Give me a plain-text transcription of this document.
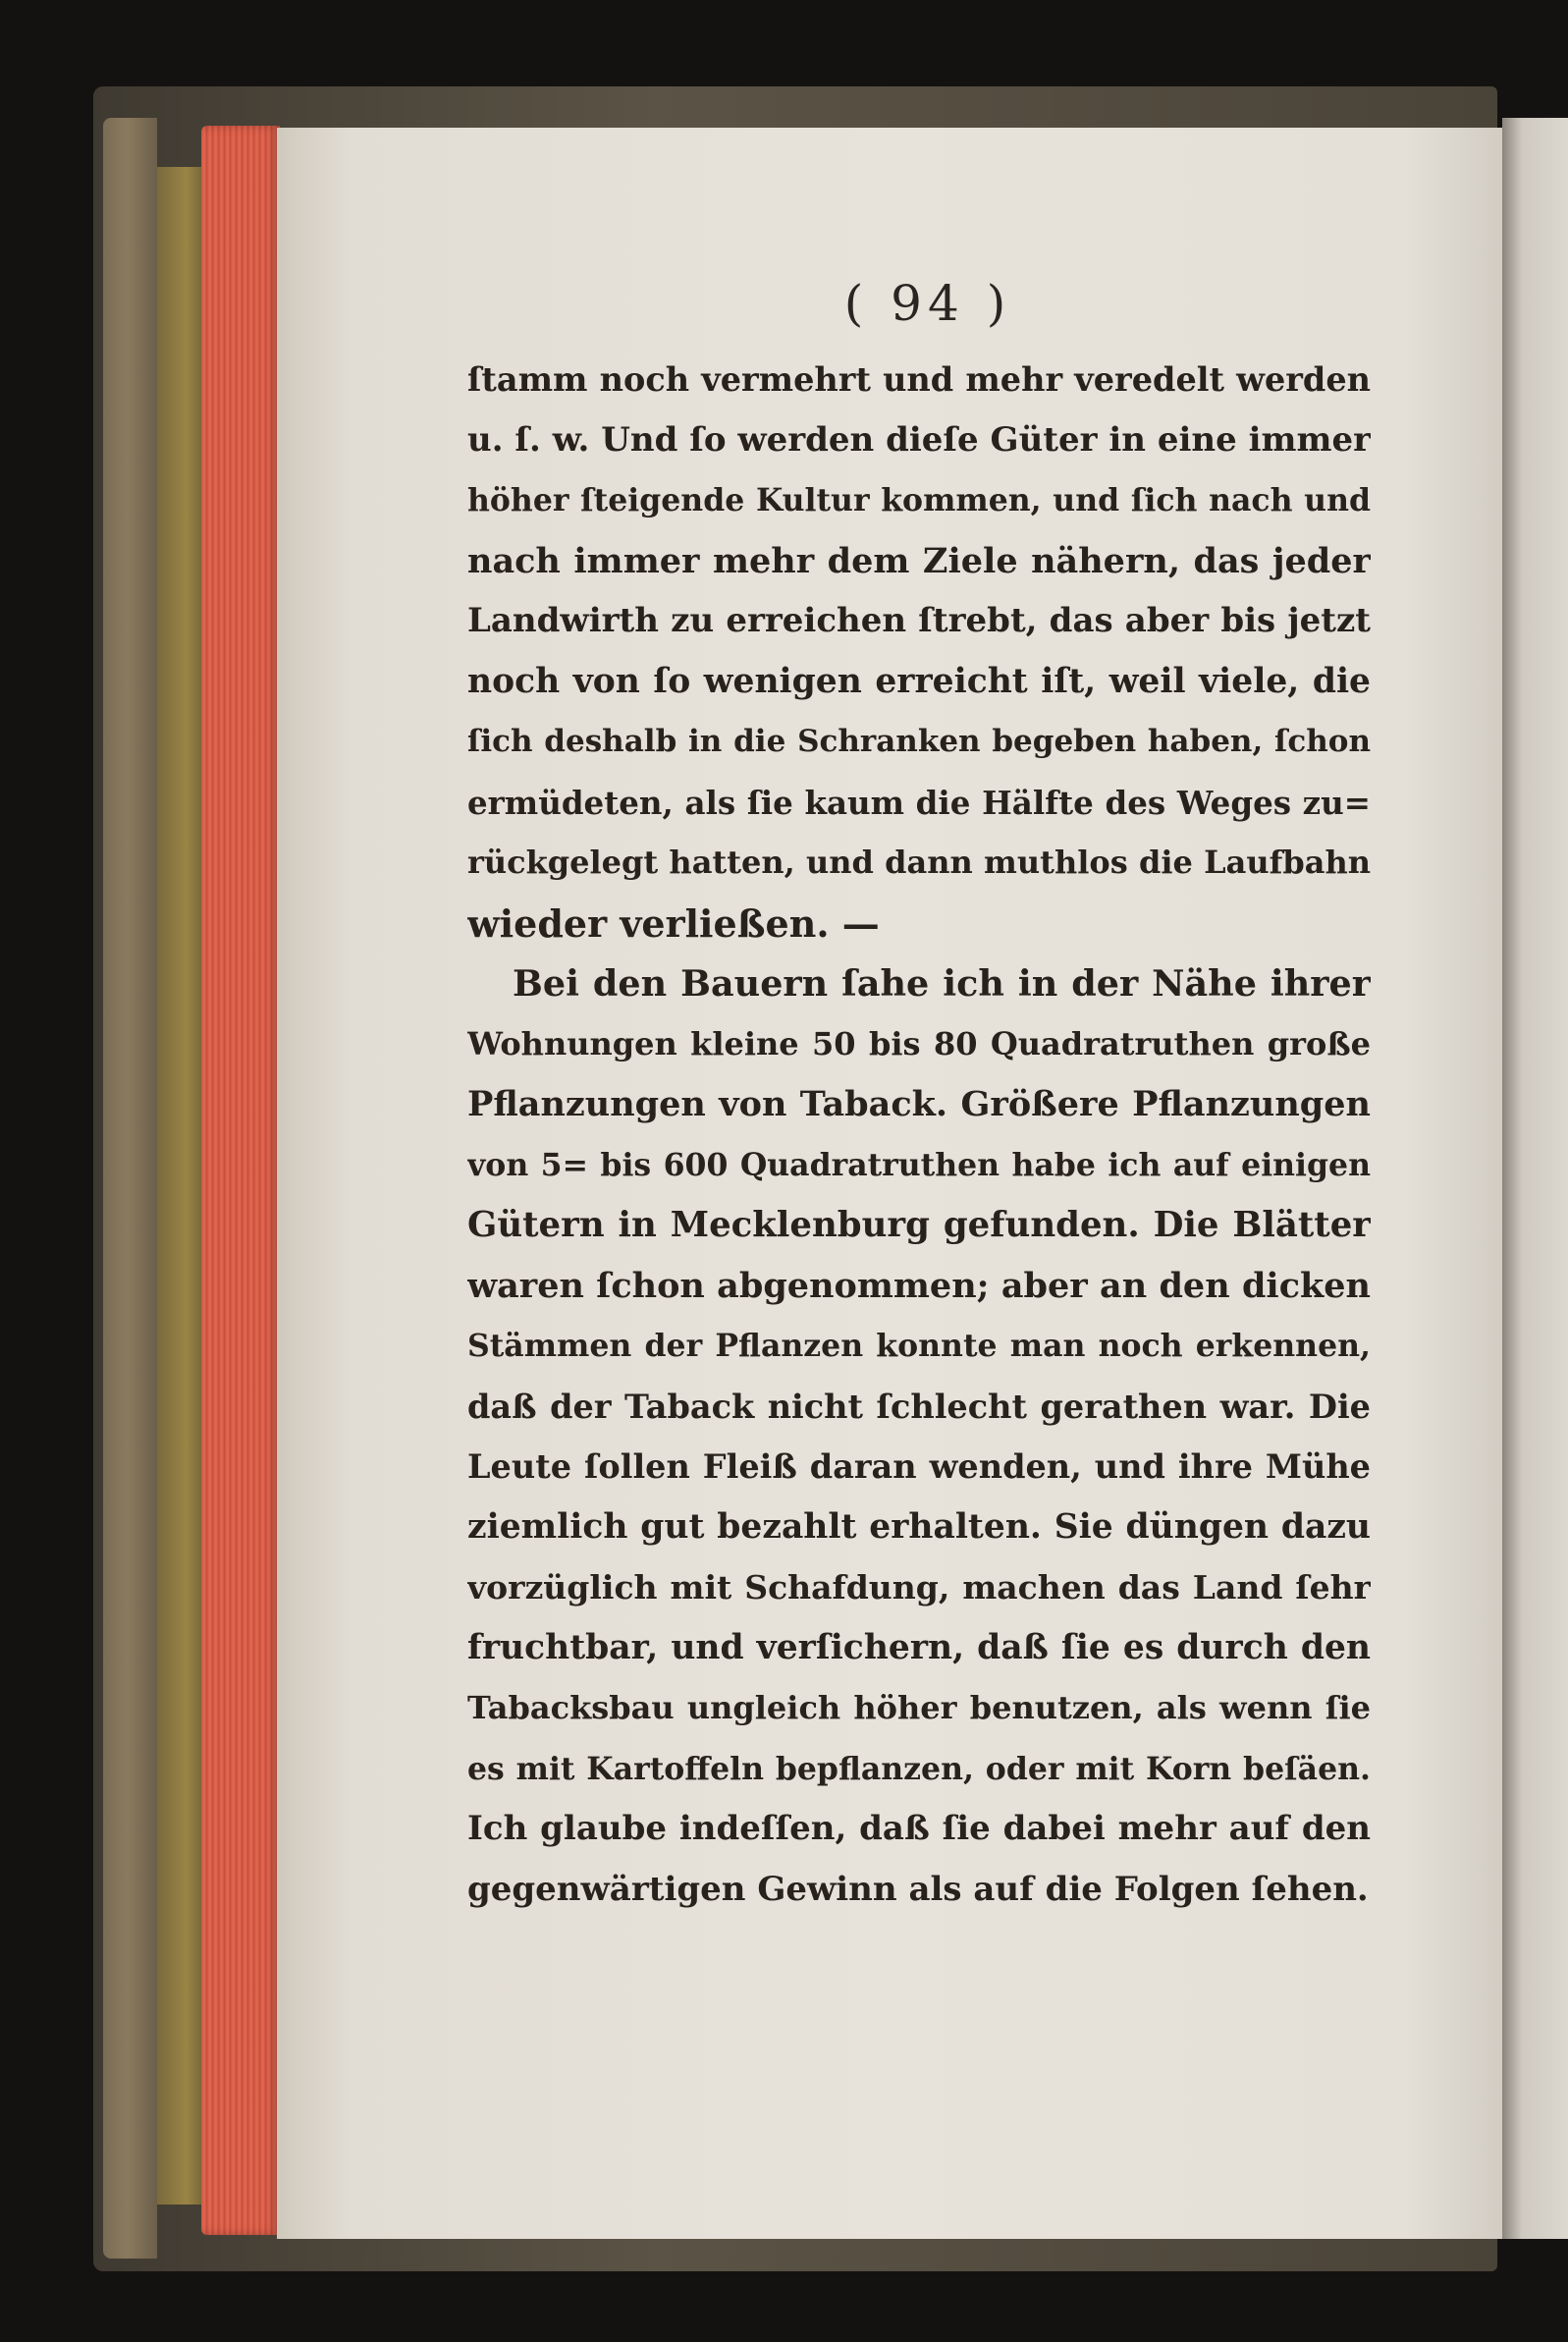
( 94 )
ſtamm noch vermehrt und mehr veredelt werden
u. ſ. w. Und ſo werden dieſe Güter in eine immer
höher ſteigende Kultur kommen, und ſich nach und
nach immer mehr dem Ziele nähern, das jeder
Landwirth zu erreichen ſtrebt, das aber bis jetzt
noch von ſo wenigen erreicht iſt, weil viele, die
ſich deshalb in die Schranken begeben haben, ſchon
ermüdeten, als ſie kaum die Hälfte des Weges zu=
rückgelegt hatten, und dann muthlos die Laufbahn
wieder verließen. —
Bei den Bauern ſahe ich in der Nähe ihrer
Wohnungen kleine 50 bis 80 Quadratruthen große
Pflanzungen von Taback. Größere Pflanzungen
von 5= bis 600 Quadratruthen habe ich auf einigen
Gütern in Mecklenburg gefunden. Die Blätter
waren ſchon abgenommen; aber an den dicken
Stämmen der Pflanzen konnte man noch erkennen,
daß der Taback nicht ſchlecht gerathen war. Die
Leute ſollen Fleiß daran wenden, und ihre Mühe
ziemlich gut bezahlt erhalten. Sie düngen dazu
vorzüglich mit Schafdung, machen das Land ſehr
fruchtbar, und verſichern, daß ſie es durch den
Tabacksbau ungleich höher benutzen, als wenn ſie
es mit Kartoffeln bepflanzen, oder mit Korn beſäen.
Ich glaube indeſſen, daß ſie dabei mehr auf den
gegenwärtigen Gewinn als auf die Folgen ſehen.
